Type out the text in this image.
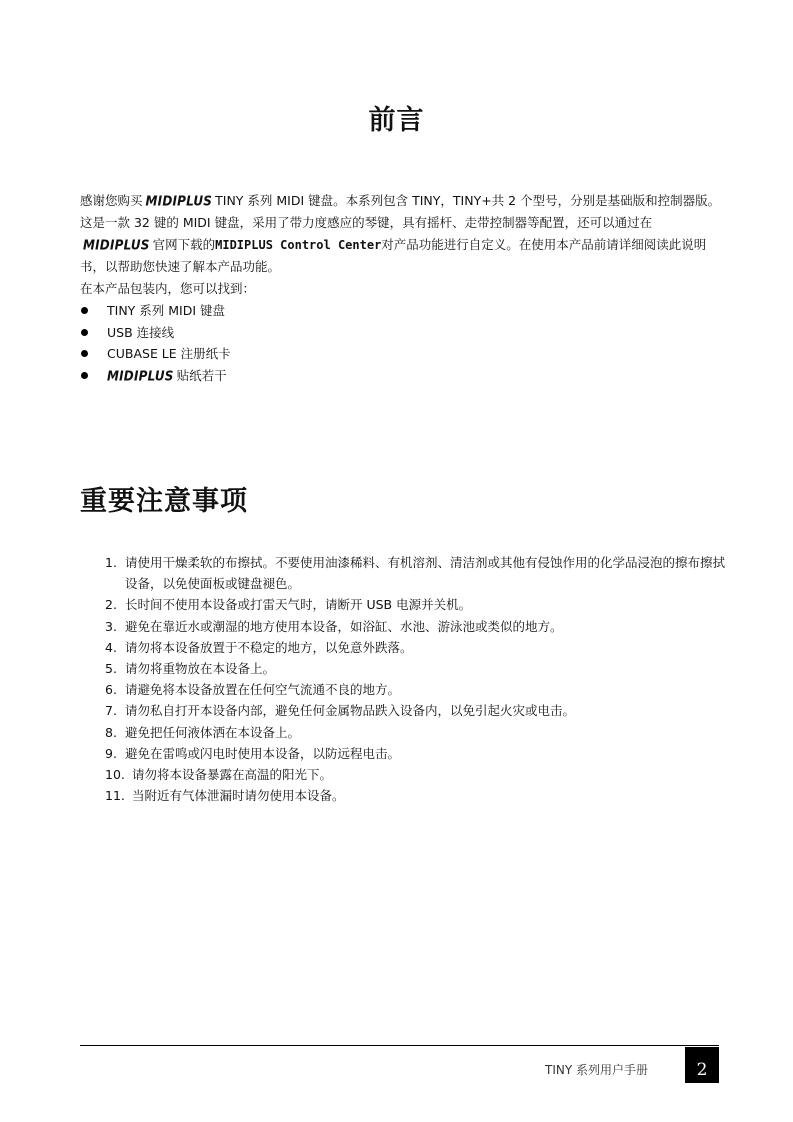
前言

感谢您购买 MIDIPLUS TINY 系列 MIDI 键盘。本系列包含 TINY，TINY+共 2 个型号，分别是基础版和控制器版。这是一款 32 键的 MIDI 键盘，采用了带力度感应的琴键，具有摇杆、走带控制器等配置，还可以通过在MIDIPLUS 官网下载的MIDIPLUS Control Center对产品功能进行自定义。在使用本产品前请详细阅读此说明书，以帮助您快速了解本产品功能。

在本产品包装内，您可以找到：

TINY 系列 MIDI 键盘
USB 连接线
CUBASE LE 注册纸卡
MIDIPLUS 贴纸若干
重要注意事项
1. 请使用干燥柔软的布擦拭。不要使用油漆稀料、有机溶剂、清洁剂或其他有侵蚀作用的化学品浸泡的擦布擦拭设备，以免使面板或键盘褪色。
2. 长时间不使用本设备或打雷天气时，请断开 USB 电源并关机。
3. 避免在靠近水或潮湿的地方使用本设备，如浴缸、水池、游泳池或类似的地方。
4. 请勿将本设备放置于不稳定的地方，以免意外跌落。
5. 请勿将重物放在本设备上。
6. 请避免将本设备放置在任何空气流通不良的地方。
7. 请勿私自打开本设备内部，避免任何金属物品跌入设备内，以免引起火灾或电击。
8. 避免把任何液体洒在本设备上。
9. 避免在雷鸣或闪电时使用本设备，以防远程电击。
10. 请勿将本设备暴露在高温的阳光下。
11. 当附近有气体泄漏时请勿使用本设备。
TINY 系列用户手册	2
